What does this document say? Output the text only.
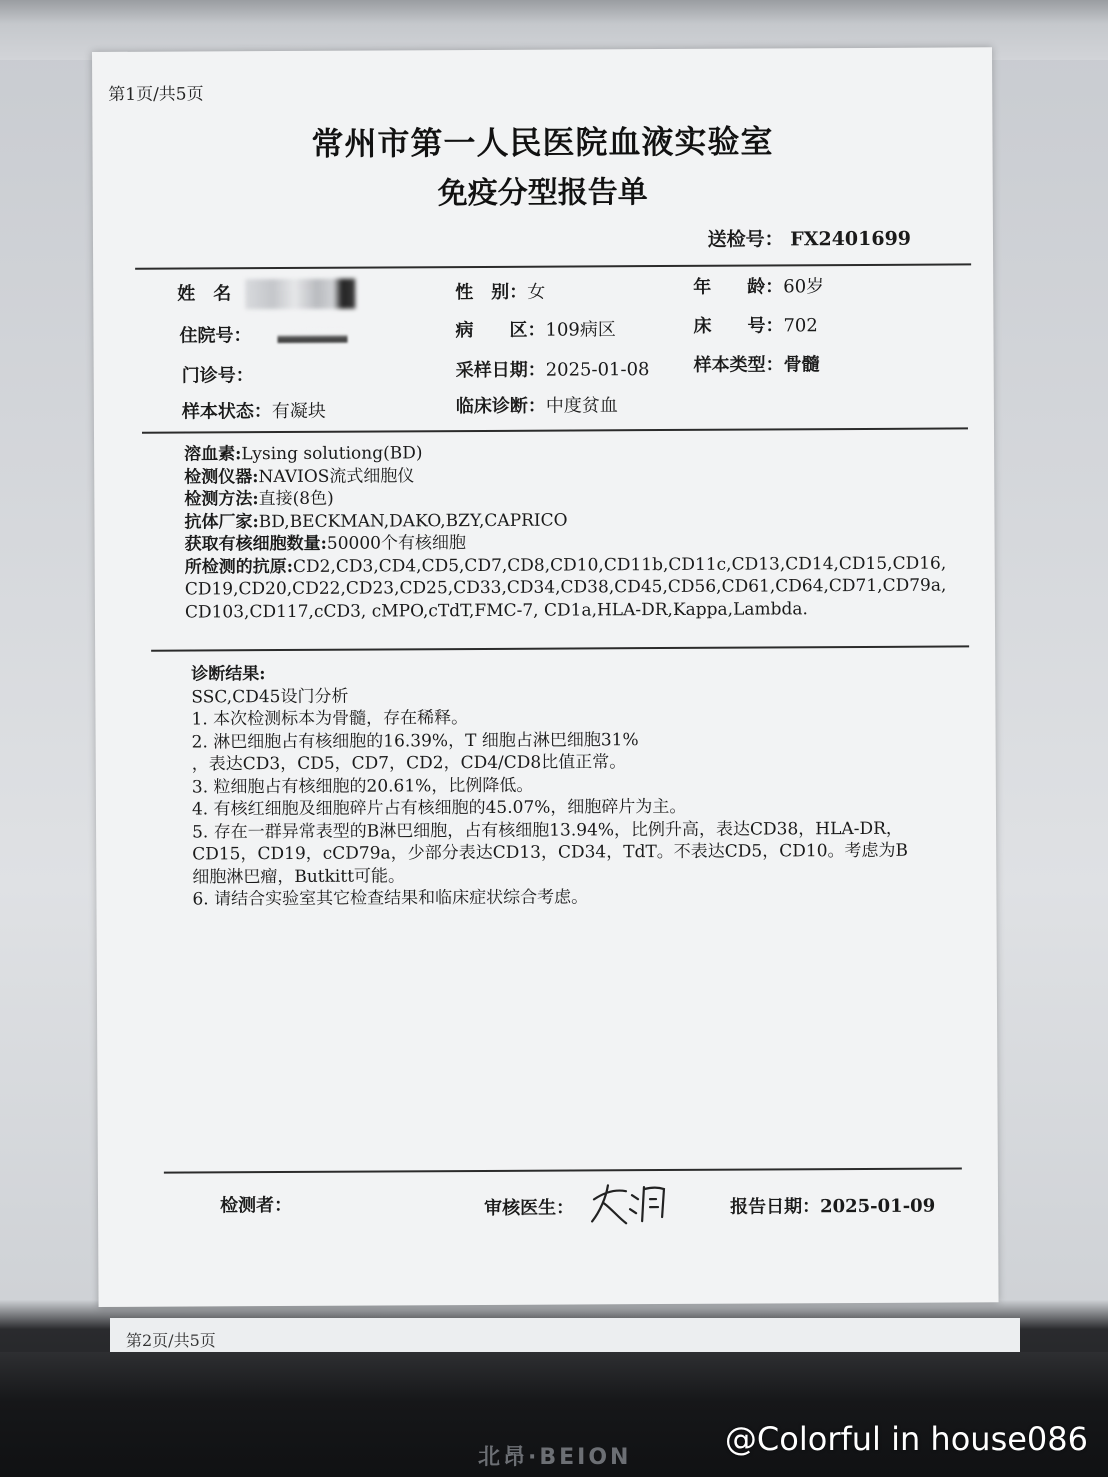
第1页/共5页
常州市第一人民医院血液实验室
免疫分型报告单
送检号： FX2401699
姓　名	性　别：女	年　　龄：60岁
住院号：	病　　区：109病区	床　　号：702
门诊号：	采样日期：2025-01-08 样本类型：骨髓
样本状态：有凝块	临床诊断：中度贫血
溶血素:Lysing solutiong(BD)
检测仪器:NAVIOS流式细胞仪
检测方法:直接(8色)
抗体厂家:BD,BECKMAN,DAKO,BZY,CAPRICO
获取有核细胞数量:50000个有核细胞
所检测的抗原:CD2,CD3,CD4,CD5,CD7,CD8,CD10,CD11b,CD11c,CD13,CD14,CD15,CD16,CD19,CD20,CD22,CD23,CD25,CD33,CD34,CD38,CD45,CD56,CD61,CD64,CD71,CD79a,CD103,CD117,cCD3, cMPO,cTdT,FMC-7, CD1a,HLA-DR,Kappa,Lambda.
诊断结果:
SSC,CD45设门分析
1. 本次检测标本为骨髓，存在稀释。
2. 淋巴细胞占有核细胞的16.39%，T 细胞占淋巴细胞31%
，表达CD3，CD5，CD7，CD2，CD4/CD8比值正常。
3. 粒细胞占有核细胞的20.61%，比例降低。
4. 有核红细胞及细胞碎片占有核细胞的45.07%，细胞碎片为主。
5. 存在一群异常表型的B淋巴细胞，占有核细胞13.94%，比例升高，表达CD38，HLA-DR，CD15，CD19，cCD79a，少部分表达CD13，CD34，TdT。不表达CD5，CD10。考虑为B细胞淋巴瘤，Butkitt可能。
6. 请结合实验室其它检查结果和临床症状综合考虑。
检测者：	审核医生：	报告日期：2025-01-09
第2页/共5页
北昂·BEION	@Colorful in house086
